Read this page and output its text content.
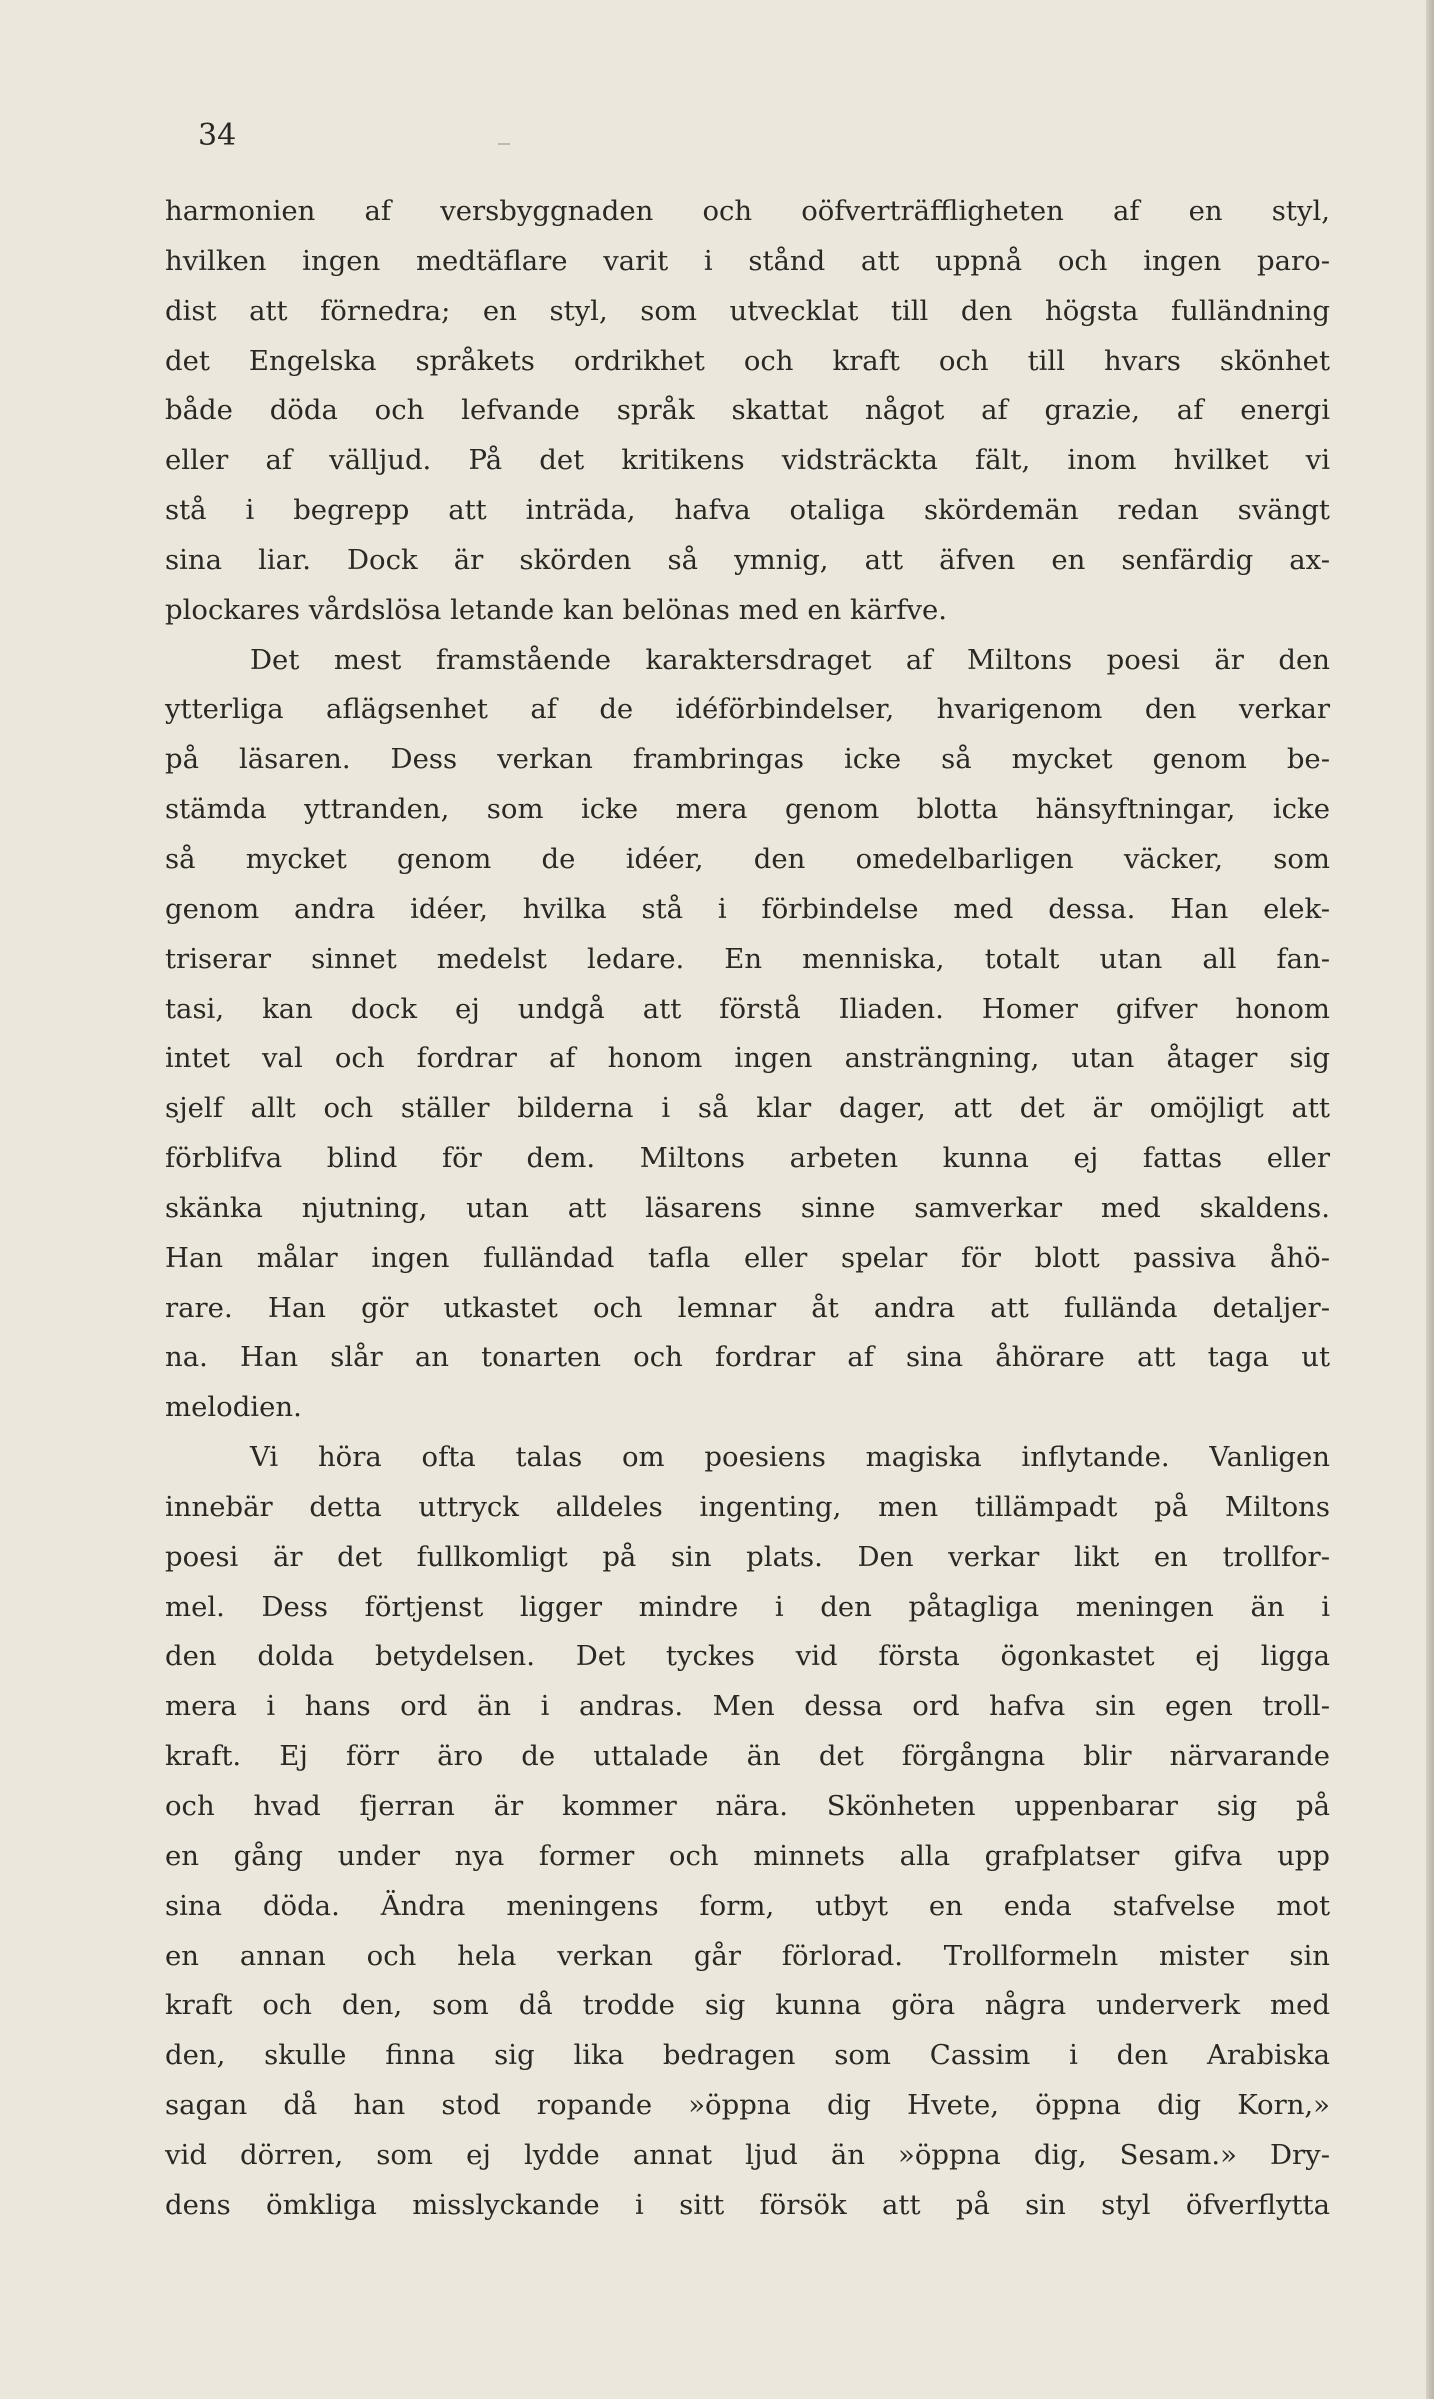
34
harmonien af versbyggnaden och oöfverträffligheten af en styl,
hvilken ingen medtäflare varit i stånd att uppnå och ingen paro-
dist att förnedra; en styl, som utvecklat till den högsta fulländning
det Engelska språkets ordrikhet och kraft och till hvars skönhet
både döda och lefvande språk skattat något af grazie, af energi
eller af välljud. På det kritikens vidsträckta fält, inom hvilket vi
stå i begrepp att inträda, hafva otaliga skördemän redan svängt
sina liar. Dock är skörden så ymnig, att äfven en senfärdig ax-
plockares vårdslösa letande kan belönas med en kärfve.
Det mest framstående karaktersdraget af Miltons poesi är den
ytterliga aflägsenhet af de idéförbindelser, hvarigenom den verkar
på läsaren. Dess verkan frambringas icke så mycket genom be-
stämda yttranden, som icke mera genom blotta hänsyftningar, icke
så mycket genom de idéer, den omedelbarligen väcker, som
genom andra idéer, hvilka stå i förbindelse med dessa. Han elek-
triserar sinnet medelst ledare. En menniska, totalt utan all fan-
tasi, kan dock ej undgå att förstå Iliaden. Homer gifver honom
intet val och fordrar af honom ingen ansträngning, utan åtager sig
sjelf allt och ställer bilderna i så klar dager, att det är omöjligt att
förblifva blind för dem. Miltons arbeten kunna ej fattas eller
skänka njutning, utan att läsarens sinne samverkar med skaldens.
Han målar ingen fulländad tafla eller spelar för blott passiva åhö-
rare. Han gör utkastet och lemnar åt andra att fullända detaljer-
na. Han slår an tonarten och fordrar af sina åhörare att taga ut
melodien.
Vi höra ofta talas om poesiens magiska inflytande. Vanligen
innebär detta uttryck alldeles ingenting, men tillämpadt på Miltons
poesi är det fullkomligt på sin plats. Den verkar likt en trollfor-
mel. Dess förtjenst ligger mindre i den påtagliga meningen än i
den dolda betydelsen. Det tyckes vid första ögonkastet ej ligga
mera i hans ord än i andras. Men dessa ord hafva sin egen troll-
kraft. Ej förr äro de uttalade än det förgångna blir närvarande
och hvad fjerran är kommer nära. Skönheten uppenbarar sig på
en gång under nya former och minnets alla grafplatser gifva upp
sina döda. Ändra meningens form, utbyt en enda stafvelse mot
en annan och hela verkan går förlorad. Trollformeln mister sin
kraft och den, som då trodde sig kunna göra några underverk med
den, skulle finna sig lika bedragen som Cassim i den Arabiska
sagan då han stod ropande »öppna dig Hvete, öppna dig Korn,»
vid dörren, som ej lydde annat ljud än »öppna dig, Sesam.» Dry-
dens ömkliga misslyckande i sitt försök att på sin styl öfverflytta
